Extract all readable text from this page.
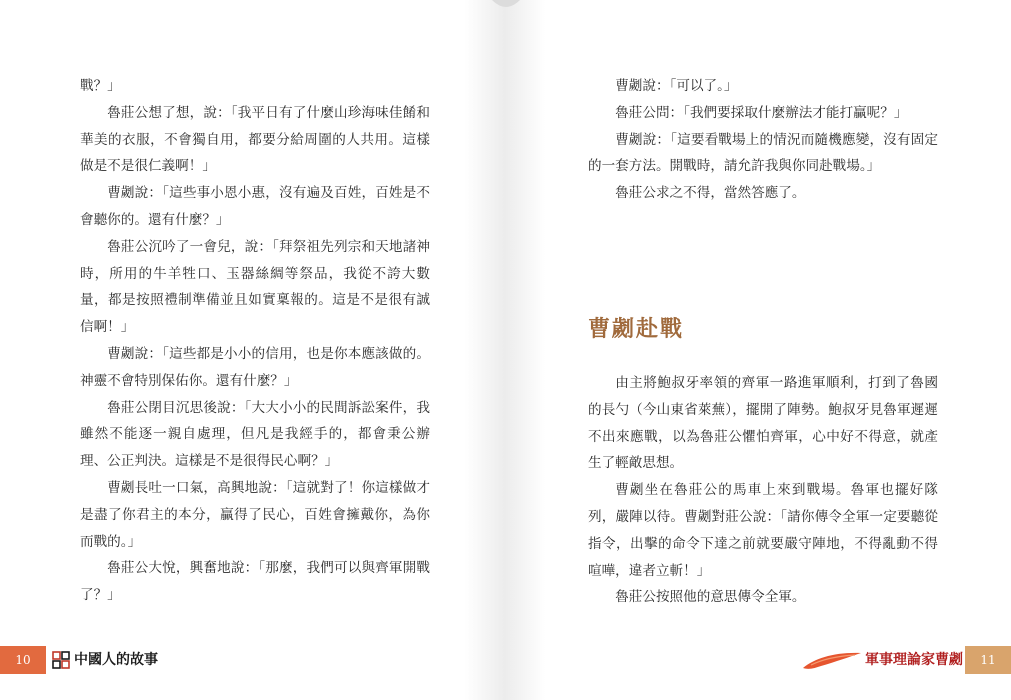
戰？」

魯莊公想了想，說：「我平日有了什麼山珍海味佳餚和華美的衣服，不會獨自用，都要分給周圍的人共用。這樣做是不是很仁義啊！」

曹劌說：「這些事小恩小惠，沒有遍及百姓，百姓是不會聽你的。還有什麼？」

魯莊公沉吟了一會兒，說：「拜祭祖先列宗和天地諸神時，所用的牛羊牲口、玉器絲綢等祭品，我從不誇大數量，都是按照禮制準備並且如實稟報的。這是不是很有誠信啊！」

曹劌說：「這些都是小小的信用，也是你本應該做的。神靈不會特別保佑你。還有什麼？」

魯莊公閉目沉思後說：「大大小小的民間訴訟案件，我雖然不能逐一親自處理，但凡是我經手的，都會秉公辦理、公正判決。這樣是不是很得民心啊？」

曹劌長吐一口氣，高興地說：「這就對了！你這樣做才是盡了你君主的本分，贏得了民心，百姓會擁戴你，為你而戰的。」

魯莊公大悅，興奮地說：「那麼，我們可以與齊軍開戰了？」

10	中國人的故事

曹劌說：「可以了。」

魯莊公問：「我們要採取什麼辦法才能打贏呢？」

曹劌說：「這要看戰場上的情況而隨機應變，沒有固定的一套方法。開戰時，請允許我與你同赴戰場。」

魯莊公求之不得，當然答應了。

曹劌赴戰

由主將鮑叔牙率領的齊軍一路進軍順利，打到了魯國的長勺（今山東省萊蕪），擺開了陣勢。鮑叔牙見魯軍遲遲不出來應戰，以為魯莊公懼怕齊軍，心中好不得意，就產生了輕敵思想。

曹劌坐在魯莊公的馬車上來到戰場。魯軍也擺好隊列，嚴陣以待。曹劌對莊公說：「請你傳令全軍一定要聽從指令，出擊的命令下達之前就要嚴守陣地，不得亂動不得喧嘩，違者立斬！」

魯莊公按照他的意思傳令全軍。

軍事理論家曹劌	11
